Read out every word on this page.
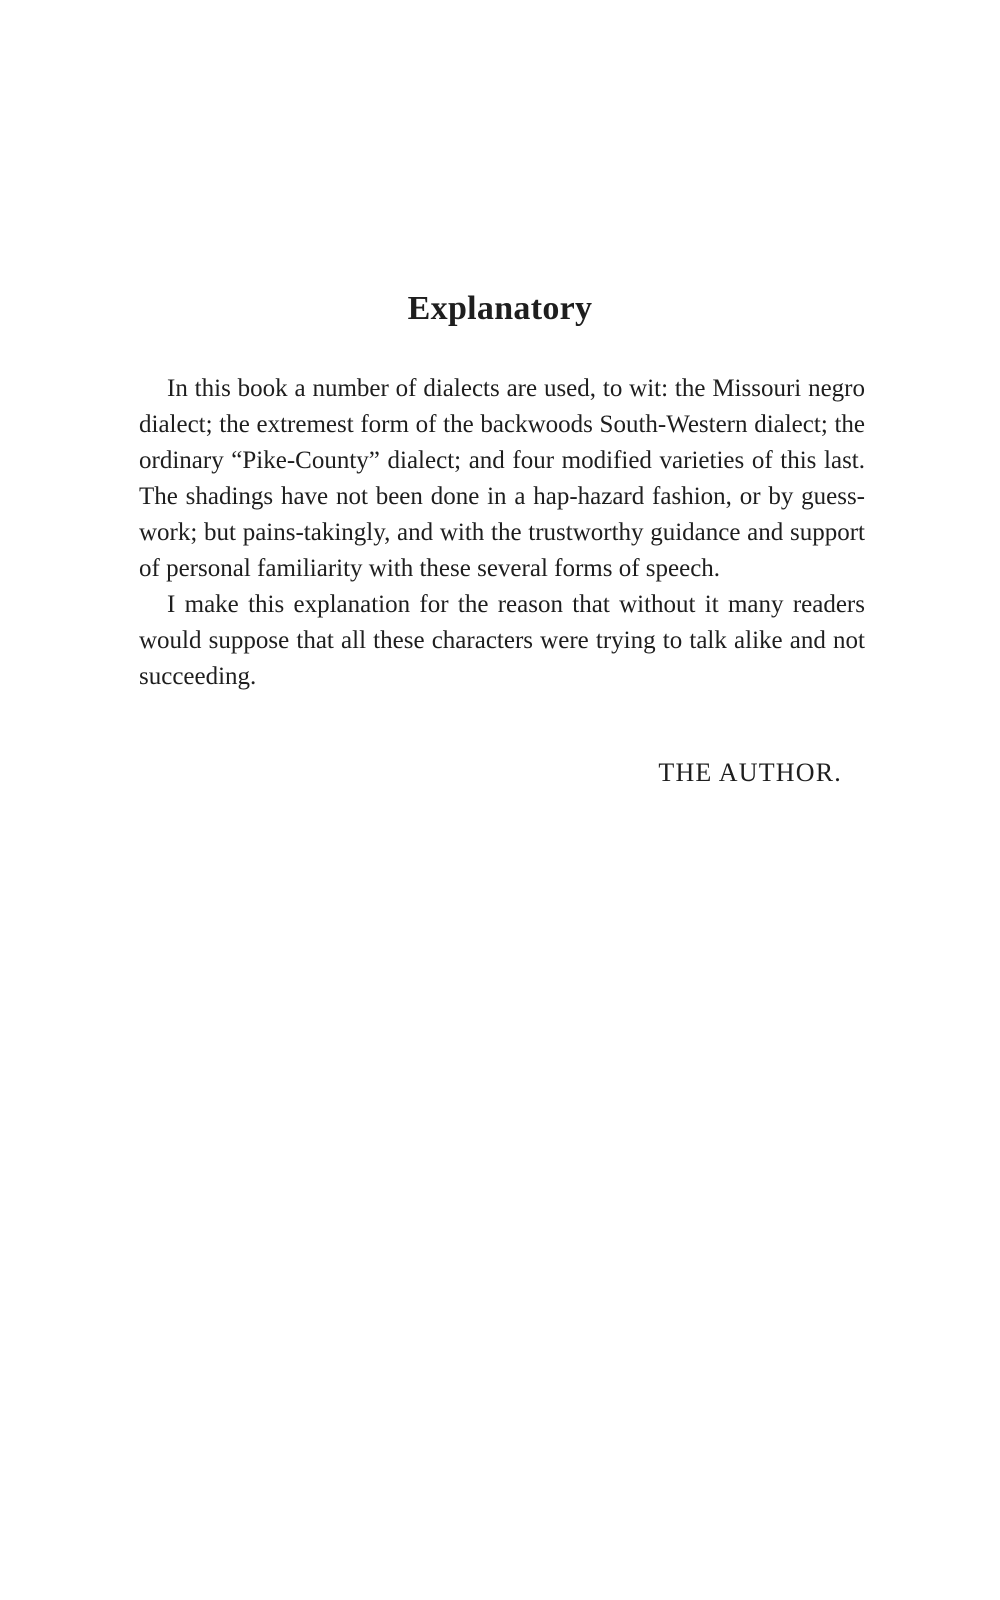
Explanatory

In this book a number of dialects are used, to wit: the Missouri negro dialect; the extremest form of the backwoods South-Western dialect; the ordinary “Pike-County” dialect; and four modified varieties of this last. The shadings have not been done in a hap-hazard fashion, or by guess-work; but pains-takingly, and with the trustworthy guidance and support of personal familiarity with these several forms of speech.

I make this explanation for the reason that without it many readers would suppose that all these characters were trying to talk alike and not succeeding.

THE AUTHOR.
